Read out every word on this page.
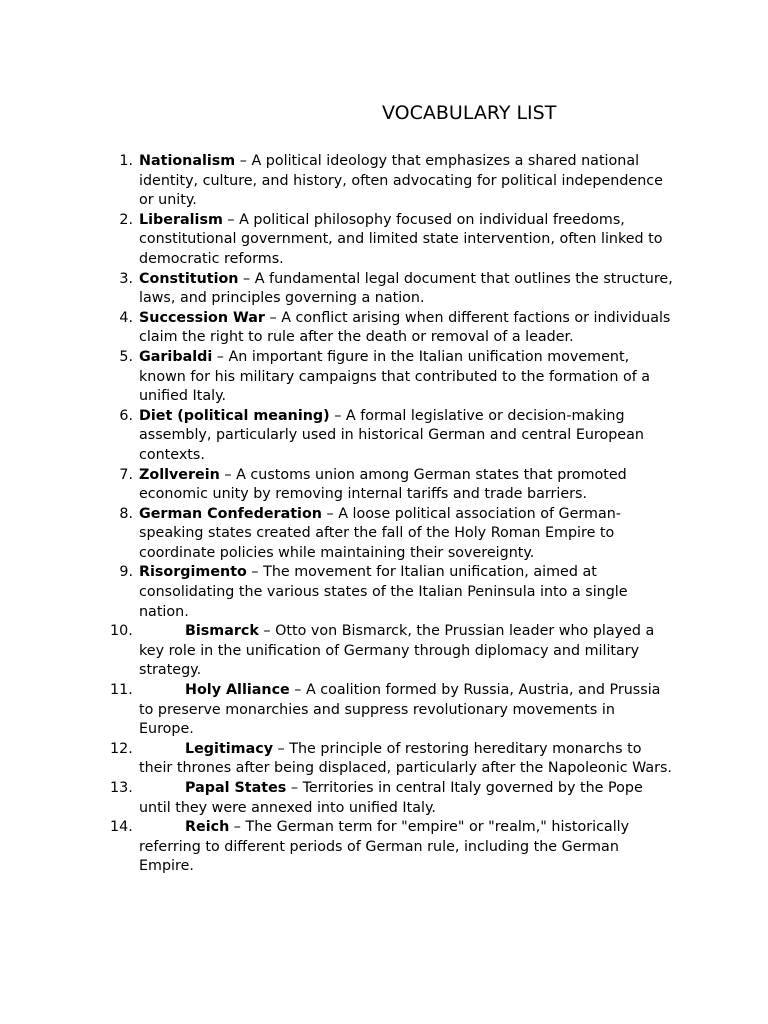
VOCABULARY LIST
1. Nationalism – A political ideology that emphasizes a shared national identity, culture, and history, often advocating for political independence or unity.
2. Liberalism – A political philosophy focused on individual freedoms, constitutional government, and limited state intervention, often linked to democratic reforms.
3. Constitution – A fundamental legal document that outlines the structure, laws, and principles governing a nation.
4. Succession War – A conflict arising when different factions or individuals claim the right to rule after the death or removal of a leader.
5. Garibaldi – An important figure in the Italian unification movement, known for his military campaigns that contributed to the formation of a unified Italy.
6. Diet (political meaning) – A formal legislative or decision-making assembly, particularly used in historical German and central European contexts.
7. Zollverein – A customs union among German states that promoted economic unity by removing internal tariffs and trade barriers.
8. German Confederation – A loose political association of German-speaking states created after the fall of the Holy Roman Empire to coordinate policies while maintaining their sovereignty.
9. Risorgimento – The movement for Italian unification, aimed at consolidating the various states of the Italian Peninsula into a single nation.
10.	Bismarck – Otto von Bismarck, the Prussian leader who played a key role in the unification of Germany through diplomacy and military strategy.
11.	Holy Alliance – A coalition formed by Russia, Austria, and Prussia to preserve monarchies and suppress revolutionary movements in Europe.
12.	Legitimacy – The principle of restoring hereditary monarchs to their thrones after being displaced, particularly after the Napoleonic Wars.
13.	Papal States – Territories in central Italy governed by the Pope until they were annexed into unified Italy.
14.	Reich – The German term for "empire" or "realm," historically referring to different periods of German rule, including the German Empire.
